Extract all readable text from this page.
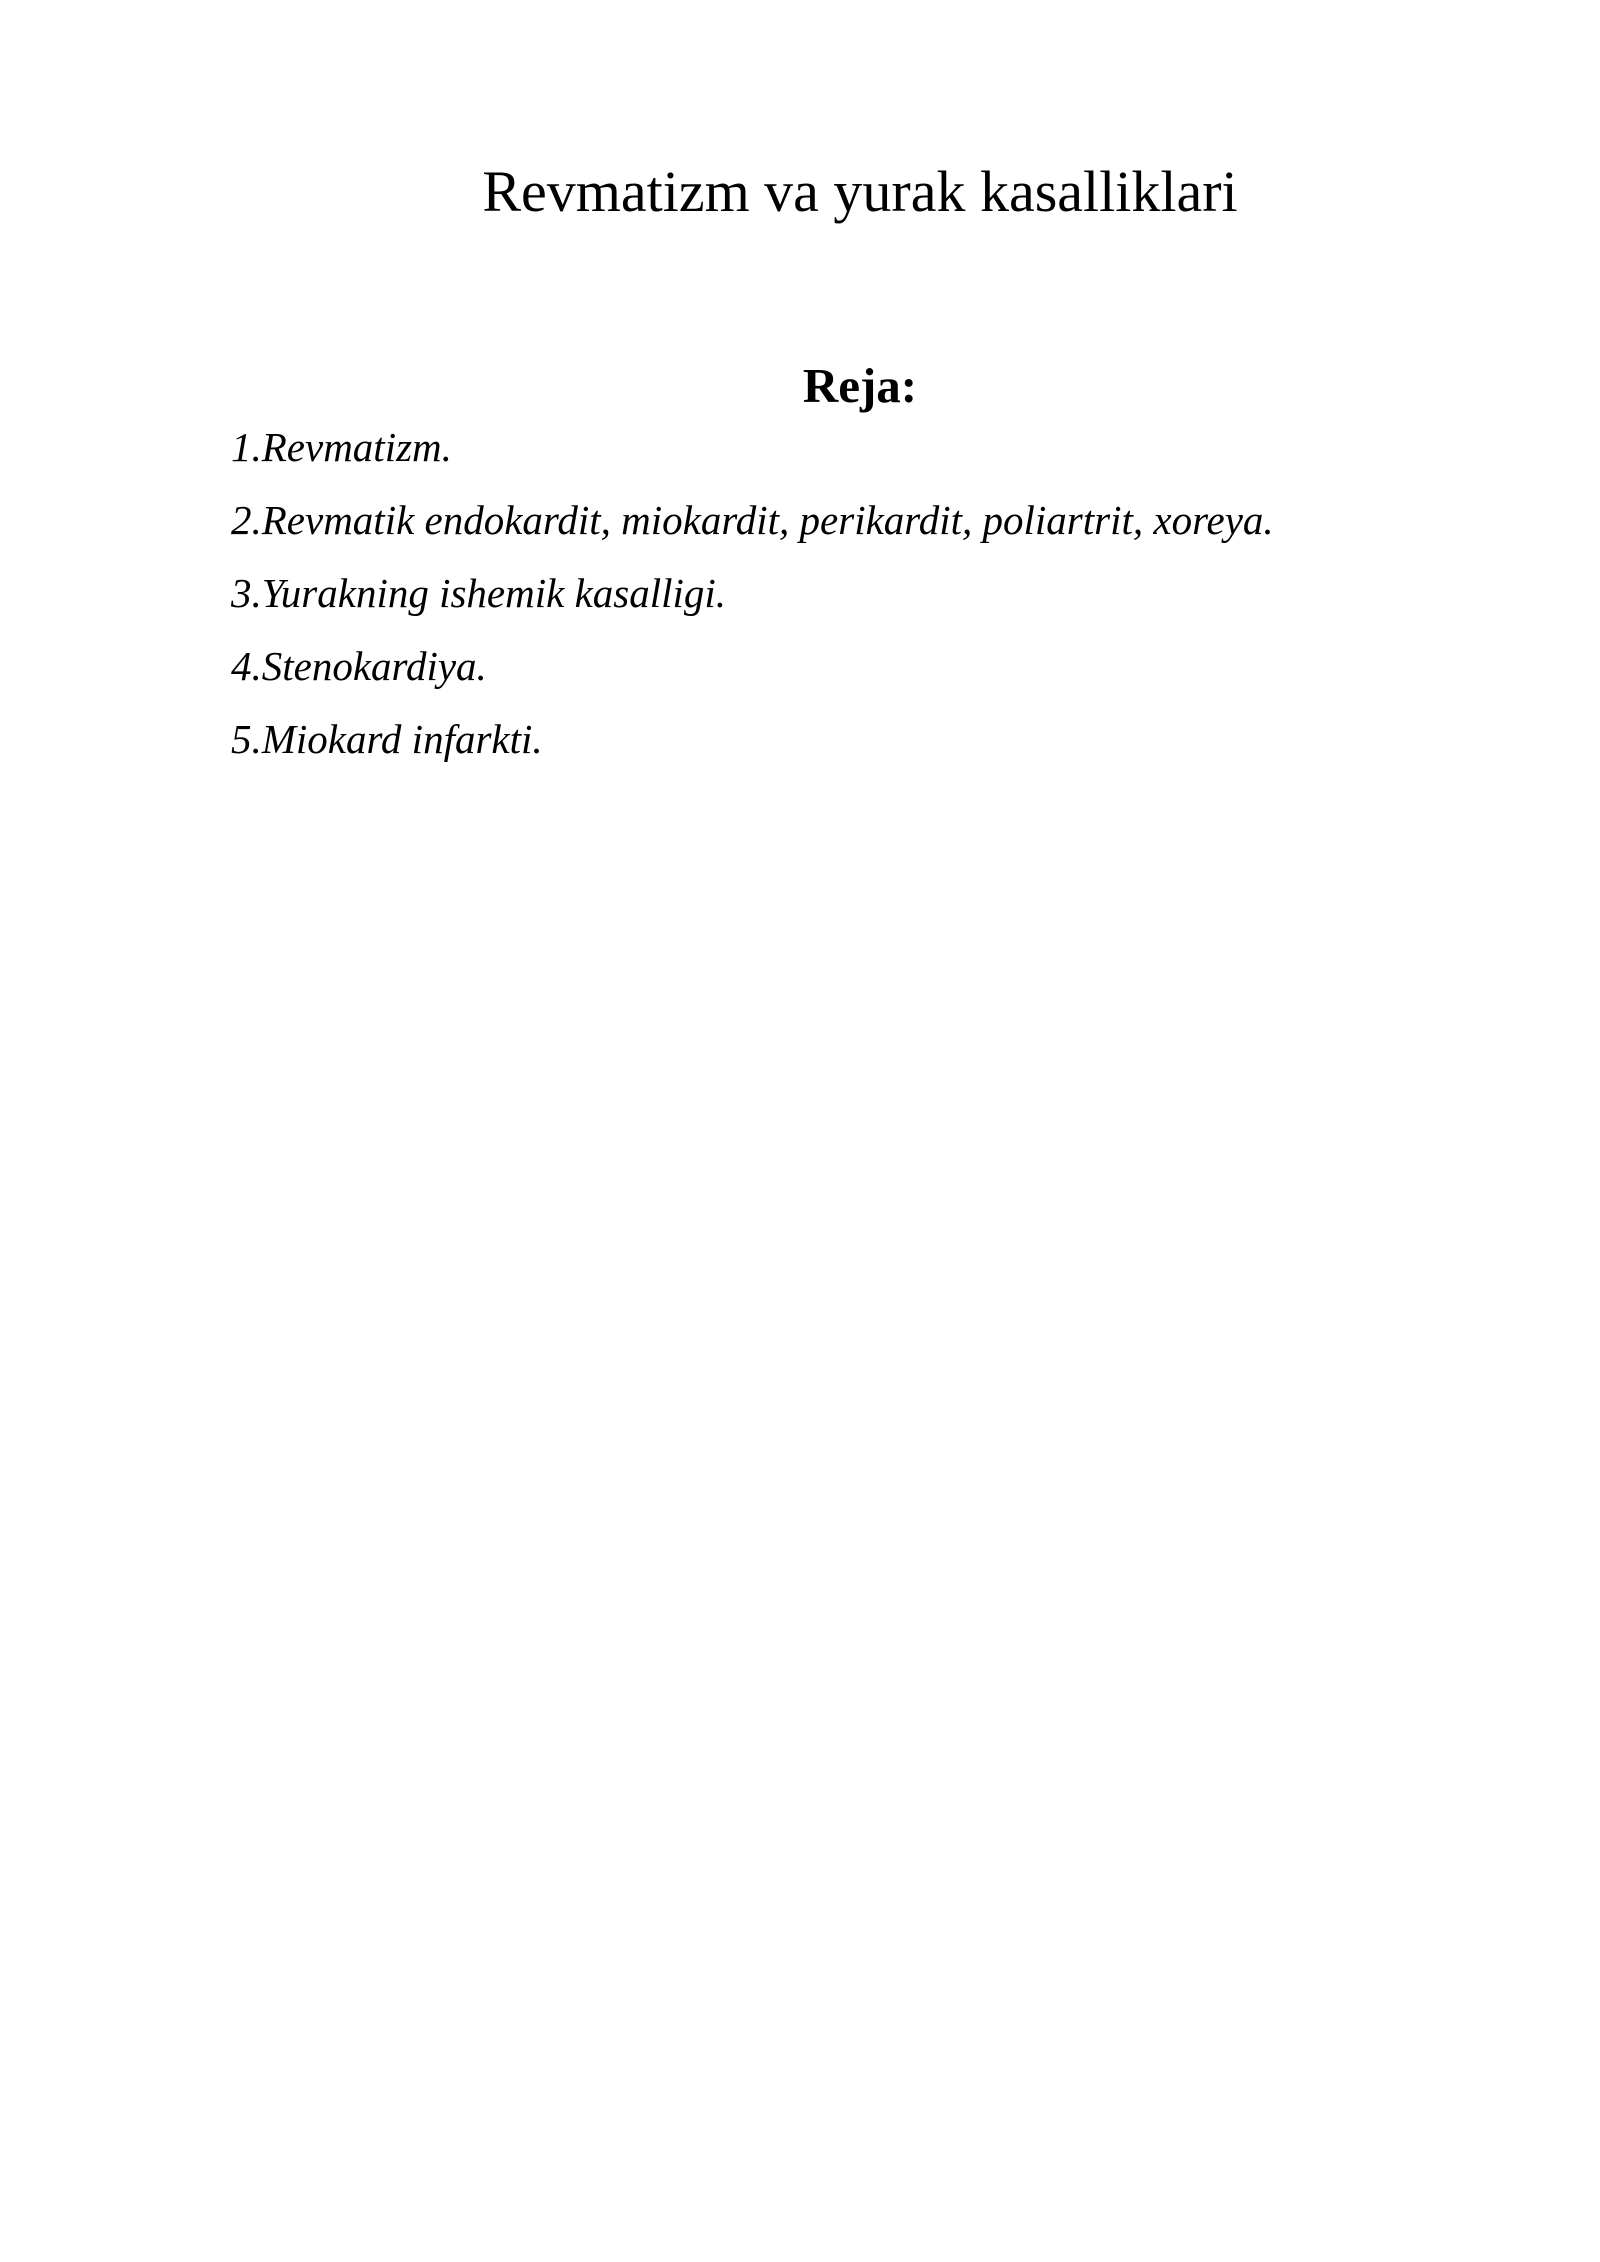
Revmatizm va yurak kasalliklari
Reja:
1.Revmatizm.
2.Revmatik endokardit, miokardit, perikardit, poliartrit, xoreya.
3.Yurakning ishemik kasalligi.
4.Stenokardiya.
5.Miokard infarkti.
